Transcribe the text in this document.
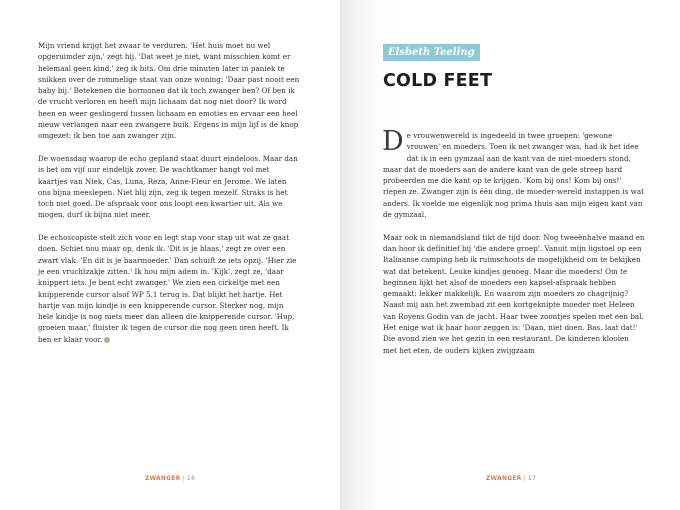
Mijn vriend krijgt het zwaar te verduren. 'Het huis moet nu wel opgeruimder zijn,' zegt hij. 'Dat weet je niet, want misschien komt er helemaal geen kind,' zeg ik bits. Om drie minuten later in paniek te snikken over de rommelige staat van onze woning: 'Daar past nooit een baby bij.' Betekenen die hormonen dat ik toch zwanger ben? Of ben ik de vrucht verloren en heeft mijn lichaam dat nog niet door? Ik word heen en weer geslingerd tussen lichaam en emoties en ervaar een heel nieuw verlangen naar een zwangere buik. Ergens in mijn lijf is de knop omgezet: ik ben toe aan zwanger zijn.

De woensdag waarop de echo gepland staat duurt eindeloos. Maar dan is het om vijf uur eindelijk zover. De wachtkamer hangt vol met kaartjes van Niek, Cas, Luna, Reza, Anne-Fleur en Jerome. We laten ons bijna meeslepen. Niet blij zijn, zeg ik tegen mezelf. Straks is het toch niet goed. De afspraak voor ons loopt een kwartier uit. Als we mogen, durf ik bijna niet meer.

De echoscopiste stelt zich voor en legt stap voor stap uit wat ze gaat doen. Schiet nou maar op, denk ik. 'Dit is je blaas,' zegt ze over een zwart vlak. 'En dit is je baarmoeder.' Dan schuift ze iets opzij. 'Hier zie je een vruchtzakje zitten.' Ik hou mijn adem in. 'Kijk', zegt ze, 'daar knippert iets. Je bent echt zwanger.' We zien een cirkeltje met een knipperende cursor alsof WP 5.1 terug is. Dat blijkt het hartje. Het hartje van mijn kindje is een knipperende cursor. Sterker nog, mijn hele kindje is nog niets meer dan alleen die knipperende cursor. 'Hup, groeien maar,' fluister ik tegen de cursor die nog geen oren heeft. Ik ben er klaar voor.

ZWANGER | 16
Elsbeth Teeling
COLD FEET

De vrouwenwereld is ingedeeld in twee groepen: 'gewone vrouwen' en moeders. Toen ik net zwanger was, had ik het idee dat ik in een gymzaal aan de kant van de niet-moeders stond, maar dat de moeders aan de andere kant van de gele streep hard probeerden me die kant op te krijgen. 'Kom bij ons! Kom bij ons!' riepen ze. Zwanger zijn is één ding, de moeder-wereld instappen is wat anders. Ik voelde me eigenlijk nog prima thuis aan mijn eigen kant van de gymzaal.

Maar ook in niemandsland tikt de tijd door. Nog tweeënhalve maand en dan hoor ik definitief bij 'die andere groep'. Vanuit mijn ligstoel op een Italiaanse camping heb ik ruimschoots de mogelijkheid om te bekijken wat dat betekent. Leuke kindjes genoeg. Maar die moeders! Om te beginnen lijkt het alsof de moeders een kapsel-afspraak hebben gemaakt: lekker makkelijk. En waarom zijn moeders zo chagrijnig? Naast mij aan het zwembad zit een kortgeknipte moeder met Heleen van Royens Godin van de jacht. Haar twee zoontjes spelen met een bal. Het enige wat ik haar hoor zeggen is: 'Daan, niet doen. Bas, laat dat!' Die avond zien we het gezin in een restaurant. De kinderen klooien met het eten, de ouders kijken zwijgzaam

ZWANGER | 17
